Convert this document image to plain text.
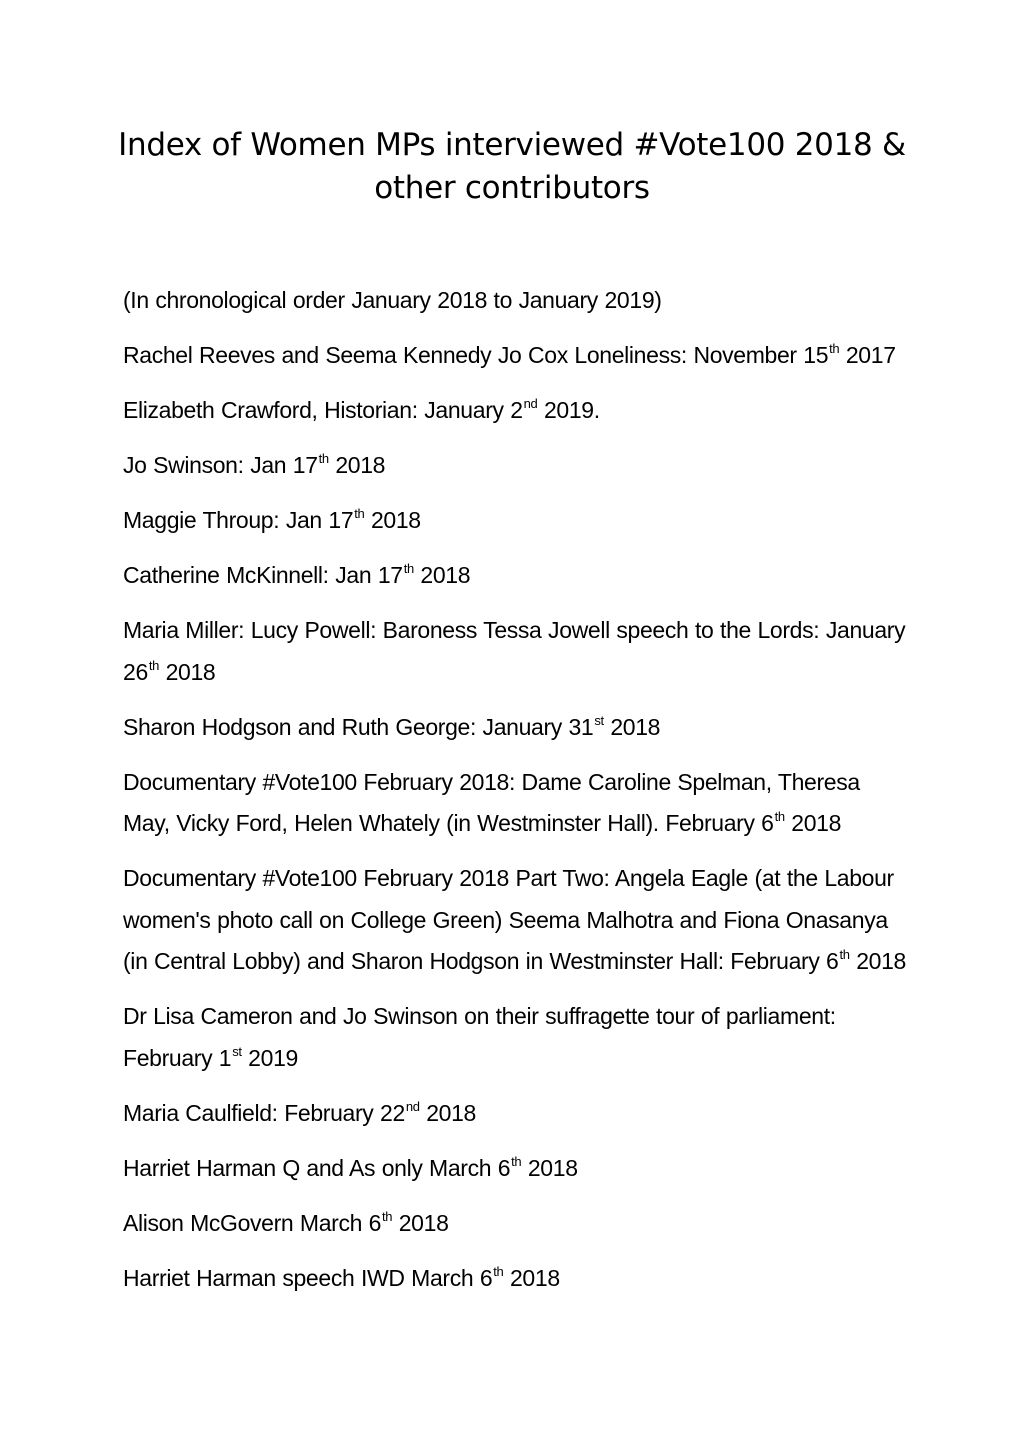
Index of Women MPs interviewed #Vote100 2018 &
other contributors

(In chronological order January 2018 to January 2019)

Rachel Reeves and Seema Kennedy Jo Cox Loneliness: November 15th 2017

Elizabeth Crawford, Historian: January 2nd 2019.

Jo Swinson: Jan 17th 2018

Maggie Throup: Jan 17th 2018

Catherine McKinnell: Jan 17th 2018

Maria Miller: Lucy Powell: Baroness Tessa Jowell speech to the Lords: January 26th 2018

Sharon Hodgson and Ruth George: January 31st 2018

Documentary #Vote100 February 2018: Dame Caroline Spelman, Theresa May, Vicky Ford, Helen Whately (in Westminster Hall). February 6th 2018

Documentary #Vote100 February 2018 Part Two: Angela Eagle (at the Labour women's photo call on College Green) Seema Malhotra and Fiona Onasanya (in Central Lobby) and Sharon Hodgson in Westminster Hall: February 6th 2018

Dr Lisa Cameron and Jo Swinson on their suffragette tour of parliament: February 1st 2019

Maria Caulfield: February 22nd 2018

Harriet Harman Q and As only March 6th 2018

Alison McGovern March 6th 2018

Harriet Harman speech IWD March 6th 2018
